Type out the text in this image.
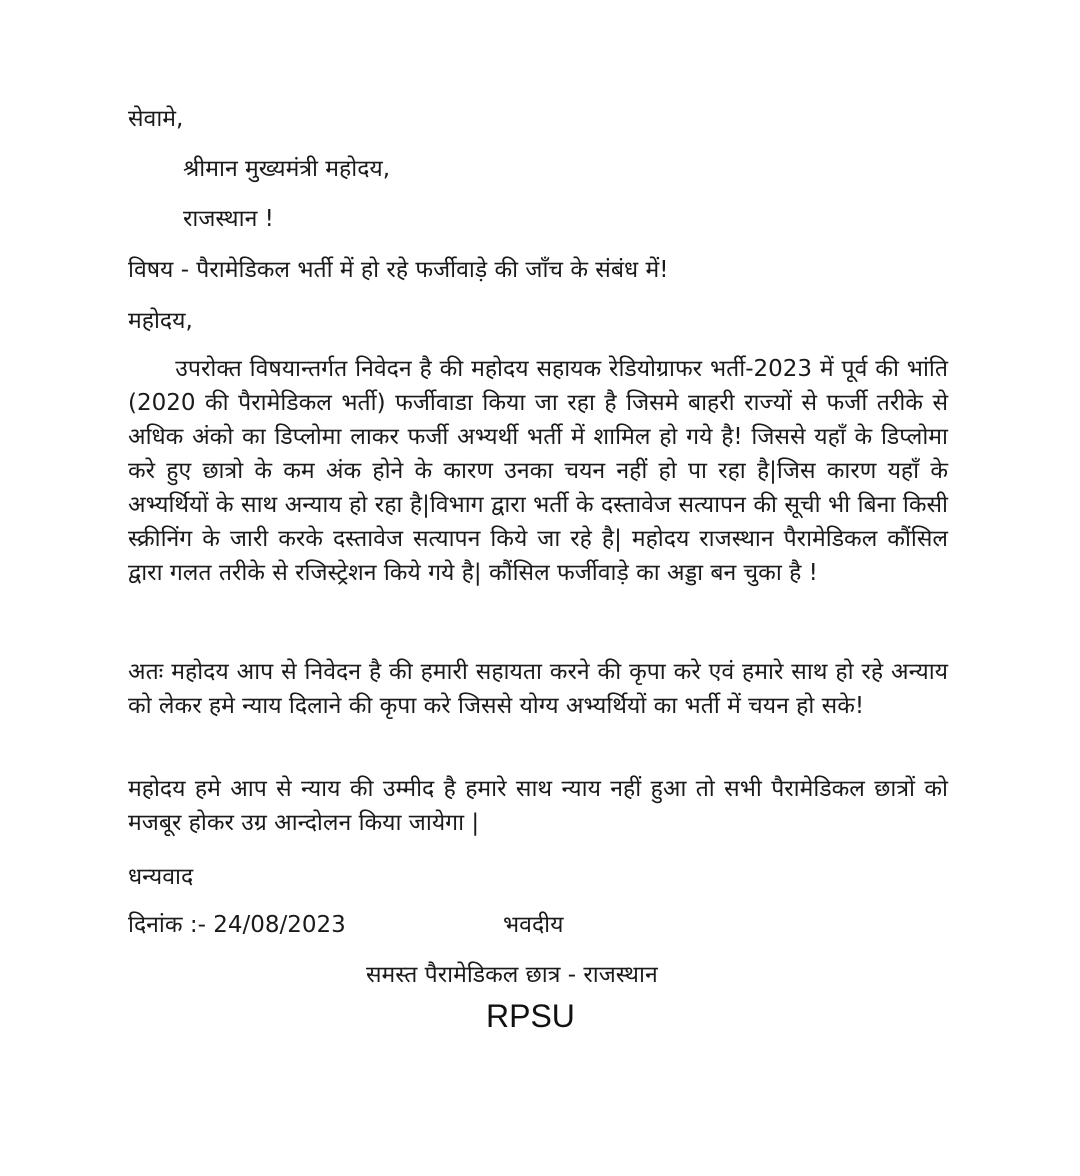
सेवामे,
श्रीमान मुख्यमंत्री महोदय,
राजस्थान !
विषय - पैरामेडिकल भर्ती में हो रहे फर्जीवाड़े की जाँच के संबंध में!
महोदय,
उपरोक्त विषयान्तर्गत निवेदन है की महोदय सहायक रेडियोग्राफर भर्ती-2023 में पूर्व की भांति (2020 की पैरामेडिकल भर्ती) फर्जीवाडा किया जा रहा है जिसमे बाहरी राज्यों से फर्जी तरीके से अधिक अंको का डिप्लोमा लाकर फर्जी अभ्यर्थी भर्ती में शामिल हो गये है! जिससे यहाँ के डिप्लोमा करे हुए छात्रो के कम अंक होने के कारण उनका चयन नहीं हो पा रहा है|जिस कारण यहाँ के अभ्यर्थियों के साथ अन्याय हो रहा है|विभाग द्वारा भर्ती के दस्तावेज सत्यापन की सूची भी बिना किसी स्क्रीनिंग के जारी करके दस्तावेज सत्यापन किये जा रहे है| महोदय राजस्थान पैरामेडिकल कौंसिल द्वारा गलत तरीके से रजिस्ट्रेशन किये गये है| कौंसिल फर्जीवाड़े का अड्डा बन चुका है !
अतः महोदय आप से निवेदन है की हमारी सहायता करने की कृपा करे एवं हमारे साथ हो रहे अन्याय को लेकर हमे न्याय दिलाने की कृपा करे जिससे योग्य अभ्यर्थियों का भर्ती में चयन हो सके!
महोदय हमे आप से न्याय की उम्मीद है हमारे साथ न्याय नहीं हुआ तो सभी पैरामेडिकल छात्रों को मजबूर होकर उग्र आन्दोलन किया जायेगा |
धन्यवाद
दिनांक :- 24/08/2023	भवदीय
समस्त पैरामेडिकल छात्र - राजस्थान
RPSU
